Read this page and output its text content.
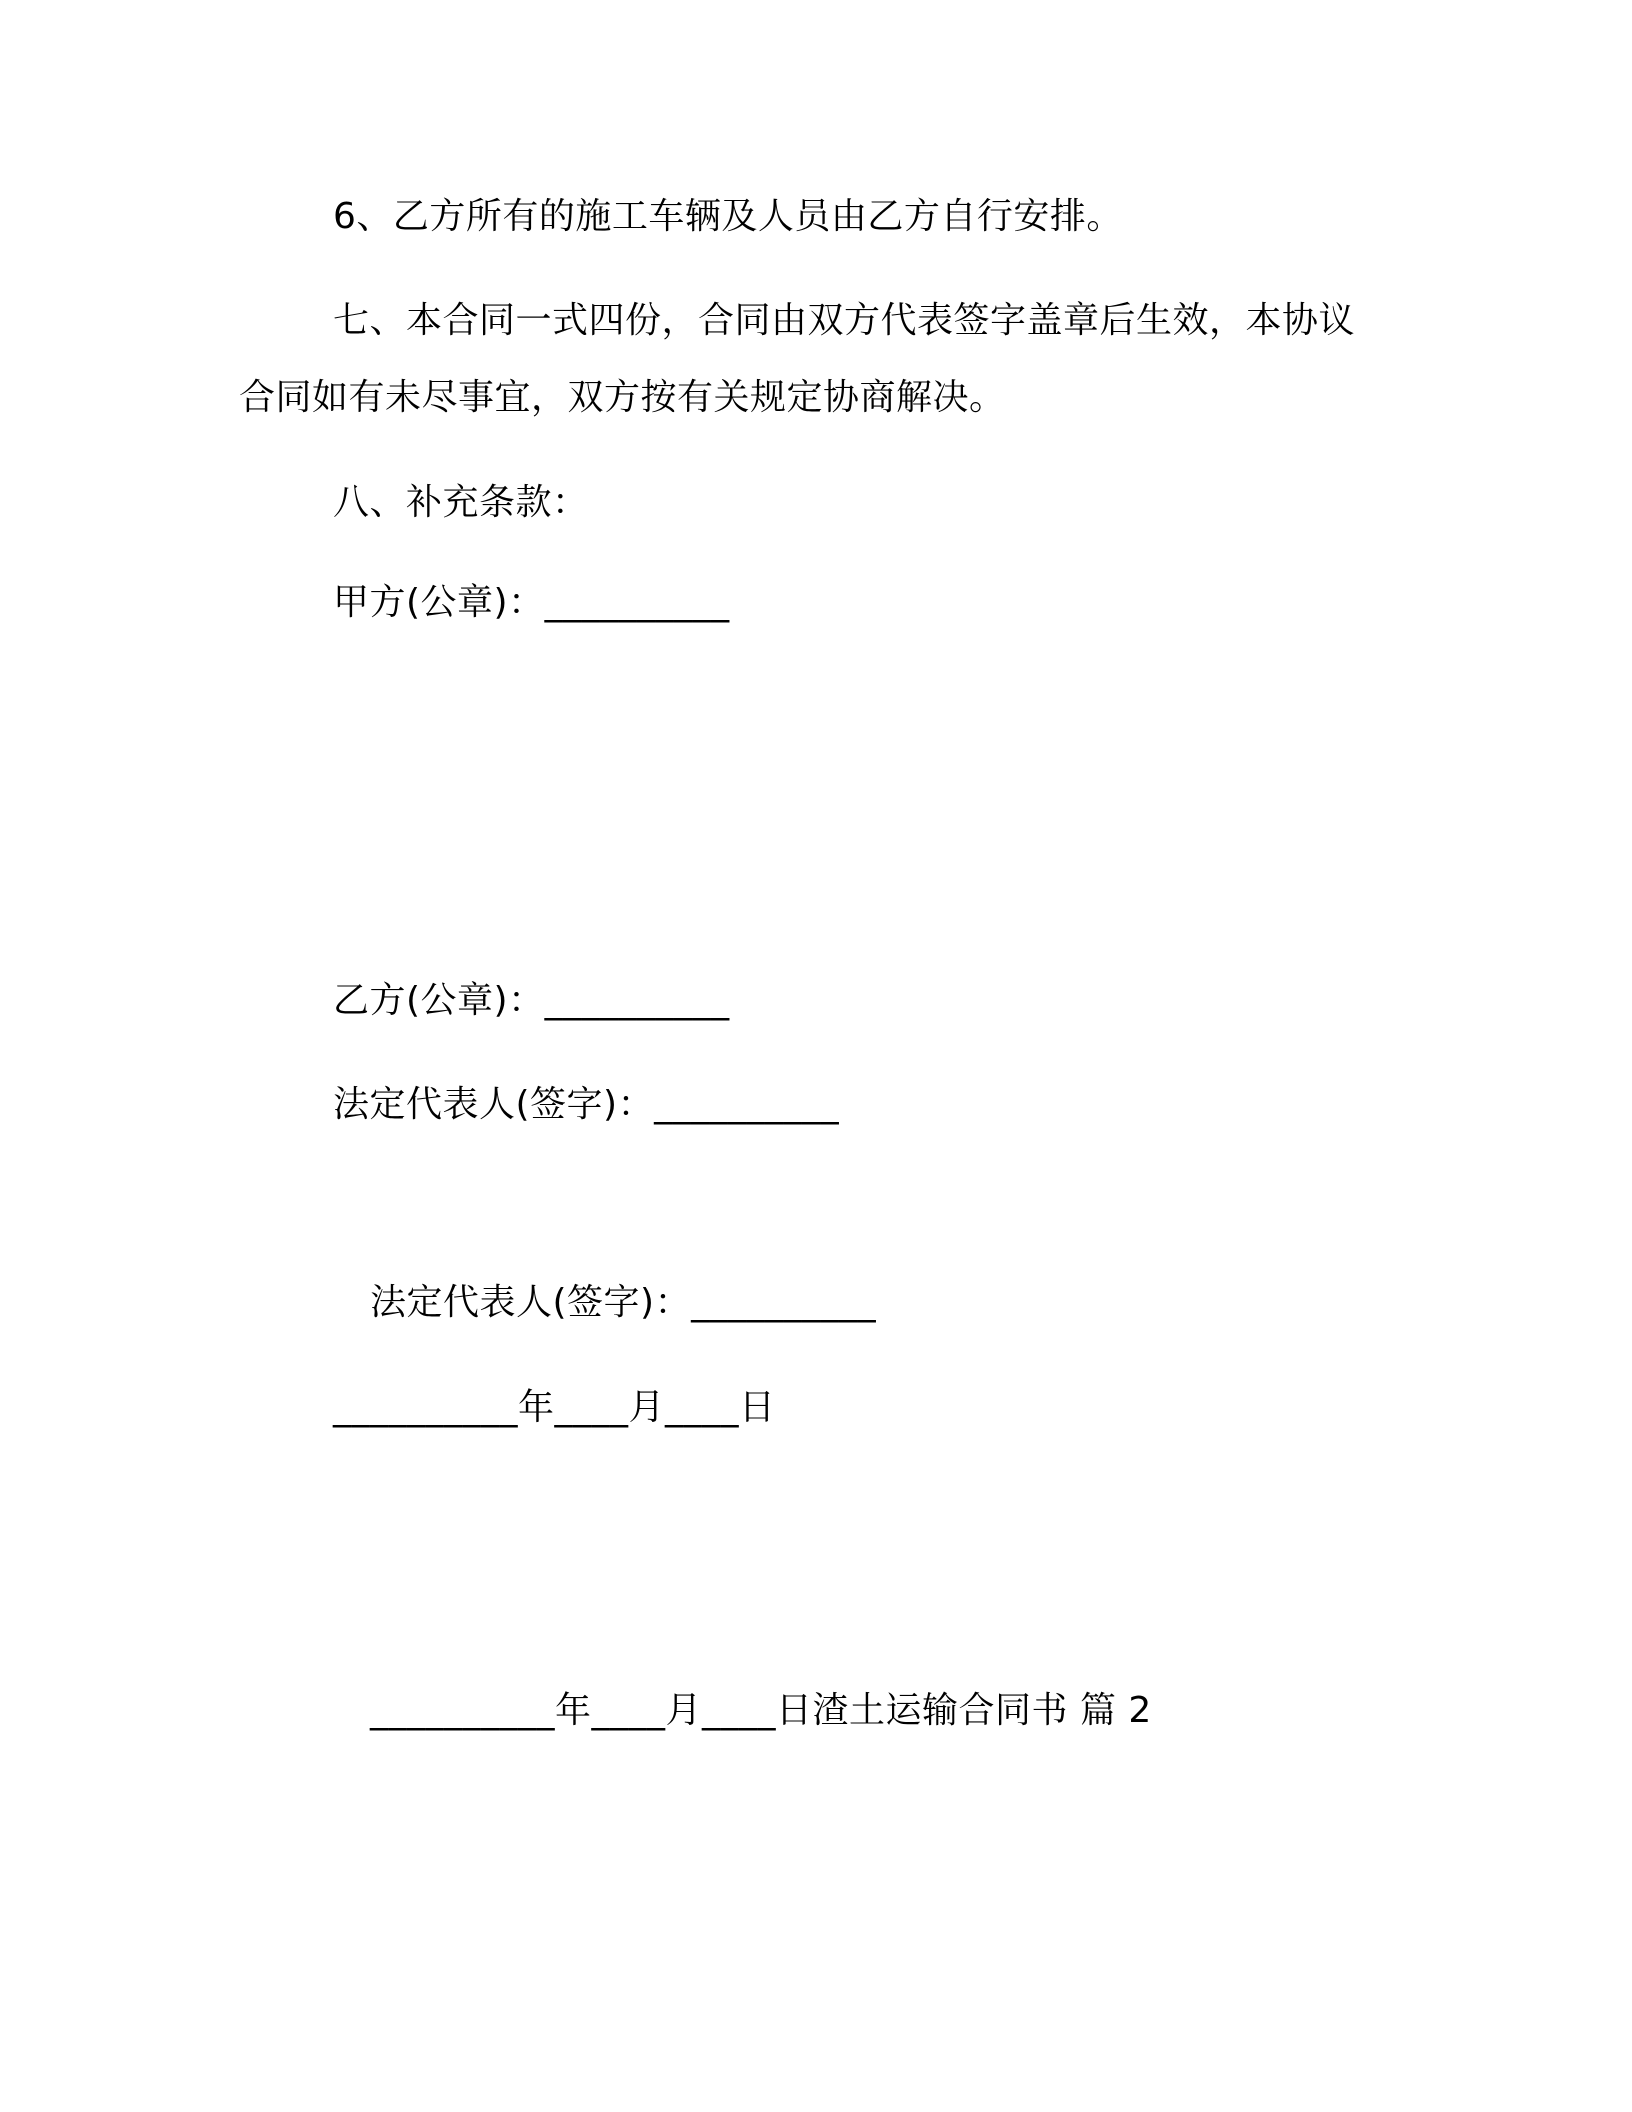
6、乙方所有的施工车辆及人员由乙方自行安排。
七、本合同一式四份，合同由双方代表签字盖章后生效，本协议
合同如有未尽事宜，双方按有关规定协商解决。
八、补充条款：
甲方(公章)：__________
乙方(公章)：__________
法定代表人(签字)：__________
法定代表人(签字)：__________
__________年____月____日
__________年____月____日渣土运输合同书 篇 2
